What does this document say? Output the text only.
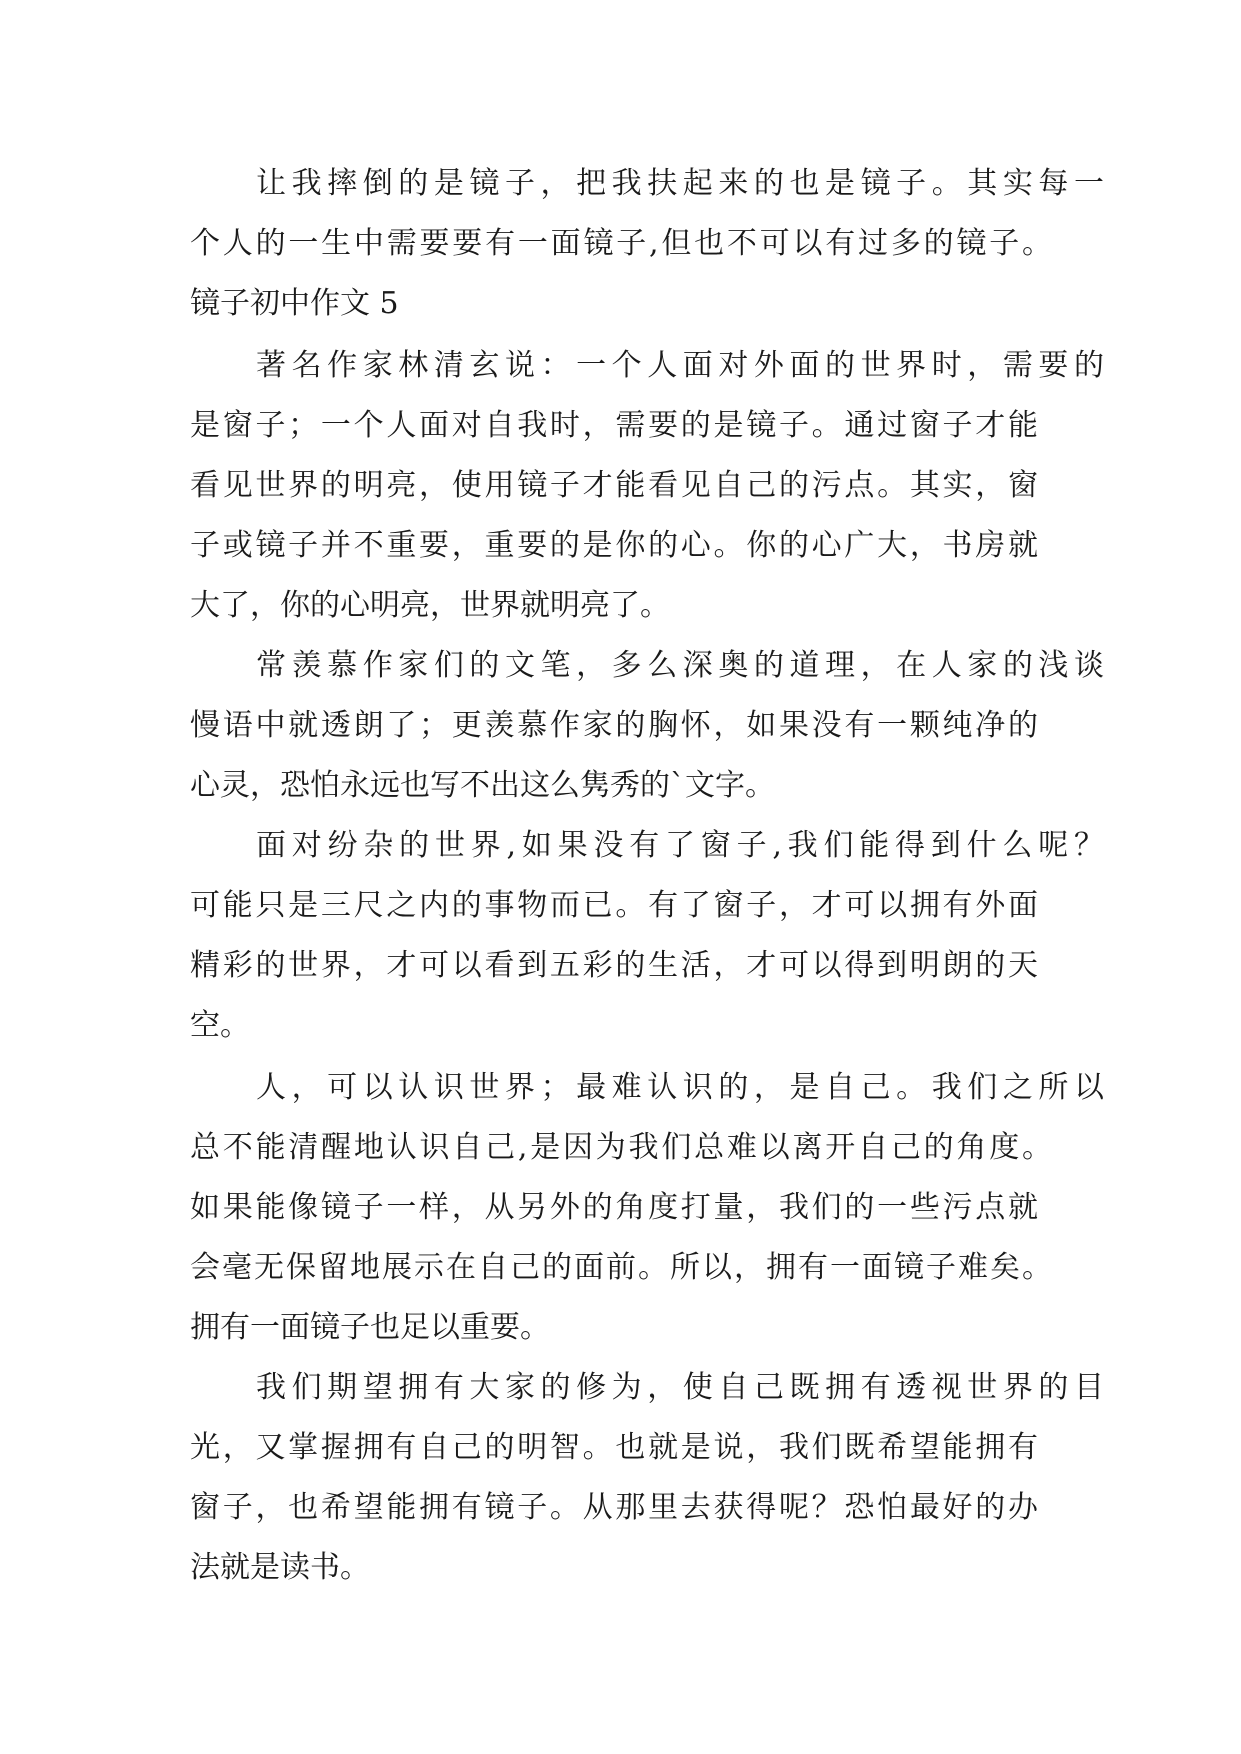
让我摔倒的是镜子，把我扶起来的也是镜子。其实每一
个人的一生中需要要有一面镜子,但也不可以有过多的镜子。
镜子初中作文 5
著名作家林清玄说：一个人面对外面的世界时，需要的
是窗子；一个人面对自我时，需要的是镜子。通过窗子才能
看见世界的明亮，使用镜子才能看见自己的污点。其实，窗
子或镜子并不重要，重要的是你的心。你的心广大，书房就
大了，你的心明亮，世界就明亮了。
常羡慕作家们的文笔，多么深奥的道理，在人家的浅谈
慢语中就透朗了；更羡慕作家的胸怀，如果没有一颗纯净的
心灵，恐怕永远也写不出这么隽秀的`文字。
面对纷杂的世界,如果没有了窗子,我们能得到什么呢？
可能只是三尺之内的事物而已。有了窗子，才可以拥有外面
精彩的世界，才可以看到五彩的生活，才可以得到明朗的天
空。
人，可以认识世界；最难认识的，是自己。我们之所以
总不能清醒地认识自己,是因为我们总难以离开自己的角度。
如果能像镜子一样，从另外的角度打量，我们的一些污点就
会毫无保留地展示在自己的面前。所以，拥有一面镜子难矣。
拥有一面镜子也足以重要。
我们期望拥有大家的修为，使自己既拥有透视世界的目
光，又掌握拥有自己的明智。也就是说，我们既希望能拥有
窗子，也希望能拥有镜子。从那里去获得呢？恐怕最好的办
法就是读书。
